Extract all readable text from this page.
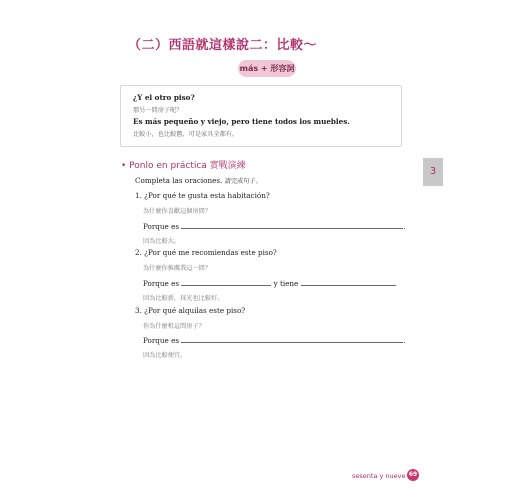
（二）西語就這樣說二：比較～
más + 形容詞
¿Y el otro piso?
那另一間房子呢？
Es más pequeño y viejo, pero tiene todos los muebles.
比較小，也比較舊，可是家具全都有。
• Ponlo en práctica 實戰演練
Completa las oraciones. 請完成句子。
1. ¿Por qué te gusta esta habitación?
為什麼你喜歡這個房間？
Porque es	.
因為比較大。
2. ¿Por qué me recomiendas este piso?
為什麼你推薦我這一間？
Porque es	y tiene	.
因為比較新，採光也比較好。
3. ¿Por qué alquilas este piso?
你為什麼租這間房子？
Porque es	.
因為比較便宜。
3
sesenta y nueve 69
